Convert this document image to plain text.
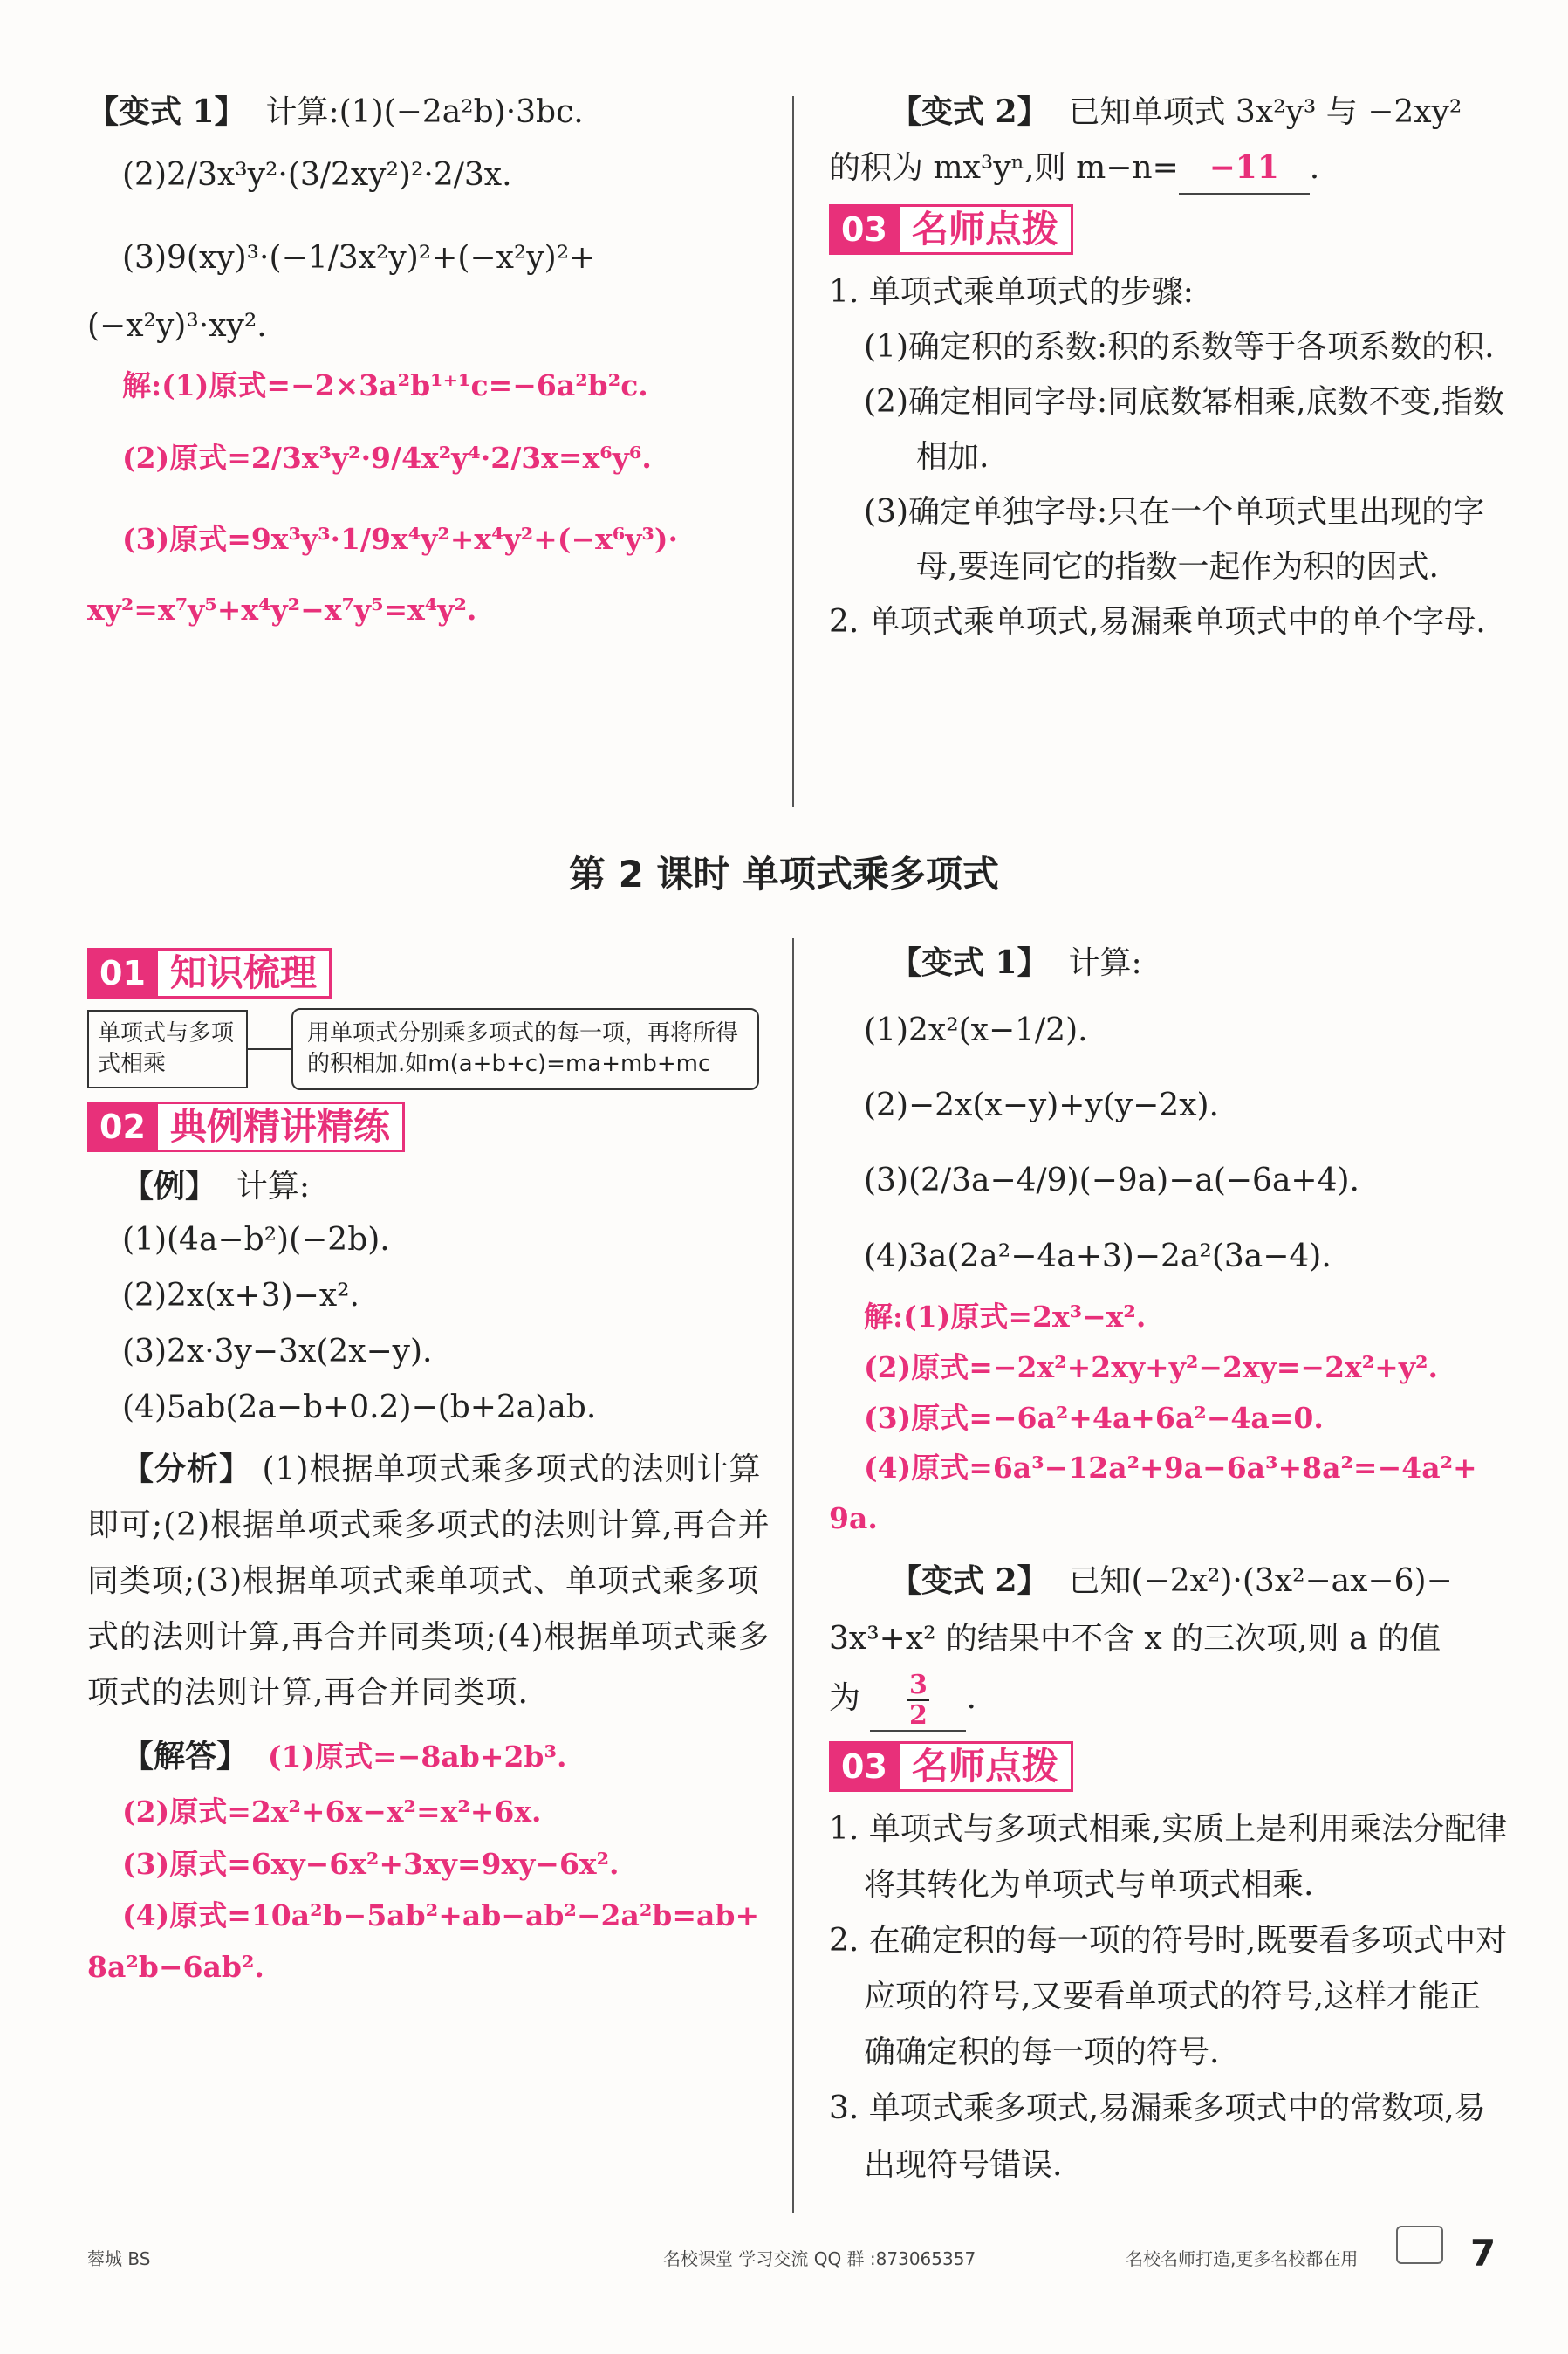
【变式 1】 计算:(1)(−2a²b)·3bc.

(2)2/3x³y²·(3/2xy²)²·2/3x.

(3)9(xy)³·(−1/3x²y)²+(−x²y)²+

(−x²y)³·xy².

解:(1)原式=−2×3a²b¹⁺¹c=−6a²b²c.

(2)原式=2/3x³y²·9/4x²y⁴·2/3x=x⁶y⁶.

(3)原式=9x³y³·1/9x⁴y²+x⁴y²+(−x⁶y³)·

xy²=x⁷y⁵+x⁴y²−x⁷y⁵=x⁴y².

【变式 2】 已知单项式 3x²y³ 与 −2xy²

的积为 mx³yⁿ,则 m−n= −11 .

03 名师点拨

1. 单项式乘单项式的步骤:

(1)确定积的系数:积的系数等于各项系数的积.

(2)确定相同字母:同底数幂相乘,底数不变,指数相加.

(3)确定单独字母:只在一个单项式里出现的字母,要连同它的指数一起作为积的因式.

2. 单项式乘单项式,易漏乘单项式中的单个字母.

第 2 课时 单项式乘多项式
01 知识梳理
单项式与多项式相乘
用单项式分别乘多项式的每一项，再将所得的积相加.如m(a+b+c)=ma+mb+mc
02 典例精讲精练

【例】 计算:

(1)(4a−b²)(−2b).

(2)2x(x+3)−x².

(3)2x·3y−3x(2x−y).

(4)5ab(2a−b+0.2)−(b+2a)ab.

【分析】 (1)根据单项式乘多项式的法则计算即可;(2)根据单项式乘多项式的法则计算,再合并同类项;(3)根据单项式乘单项式、单项式乘多项式的法则计算,再合并同类项;(4)根据单项式乘多项式的法则计算,再合并同类项.

【解答】 (1)原式=−8ab+2b³.

(2)原式=2x²+6x−x²=x²+6x.

(3)原式=6xy−6x²+3xy=9xy−6x².

(4)原式=10a²b−5ab²+ab−ab²−2a²b=ab+

8a²b−6ab².

【变式 1】 计算:

(1)2x²(x−1/2).

(2)−2x(x−y)+y(y−2x).

(3)(2/3a−4/9)(−9a)−a(−6a+4).

(4)3a(2a²−4a+3)−2a²(3a−4).

解:(1)原式=2x³−x².

(2)原式=−2x²+2xy+y²−2xy=−2x²+y².

(3)原式=−6a²+4a+6a²−4a=0.

(4)原式=6a³−12a²+9a−6a³+8a²=−4a²+

9a.

【变式 2】 已知(−2x²)·(3x²−ax−6)−

3x³+x² 的结果中不含 x 的三次项,则 a 的值

为 $\frac{3}{2}$ .

03 名师点拨

1. 单项式与多项式相乘,实质上是利用乘法分配律将其转化为单项式与单项式相乘.

2. 在确定积的每一项的符号时,既要看多项式中对应项的符号,又要看单项式的符号,这样才能正确确定积的每一项的符号.

3. 单项式乘多项式,易漏乘多项式中的常数项,易出现符号错误.

蓉城 BS	名校课堂 学习交流 QQ 群 :873065357	名校名师打造,更多名校都在用	7
